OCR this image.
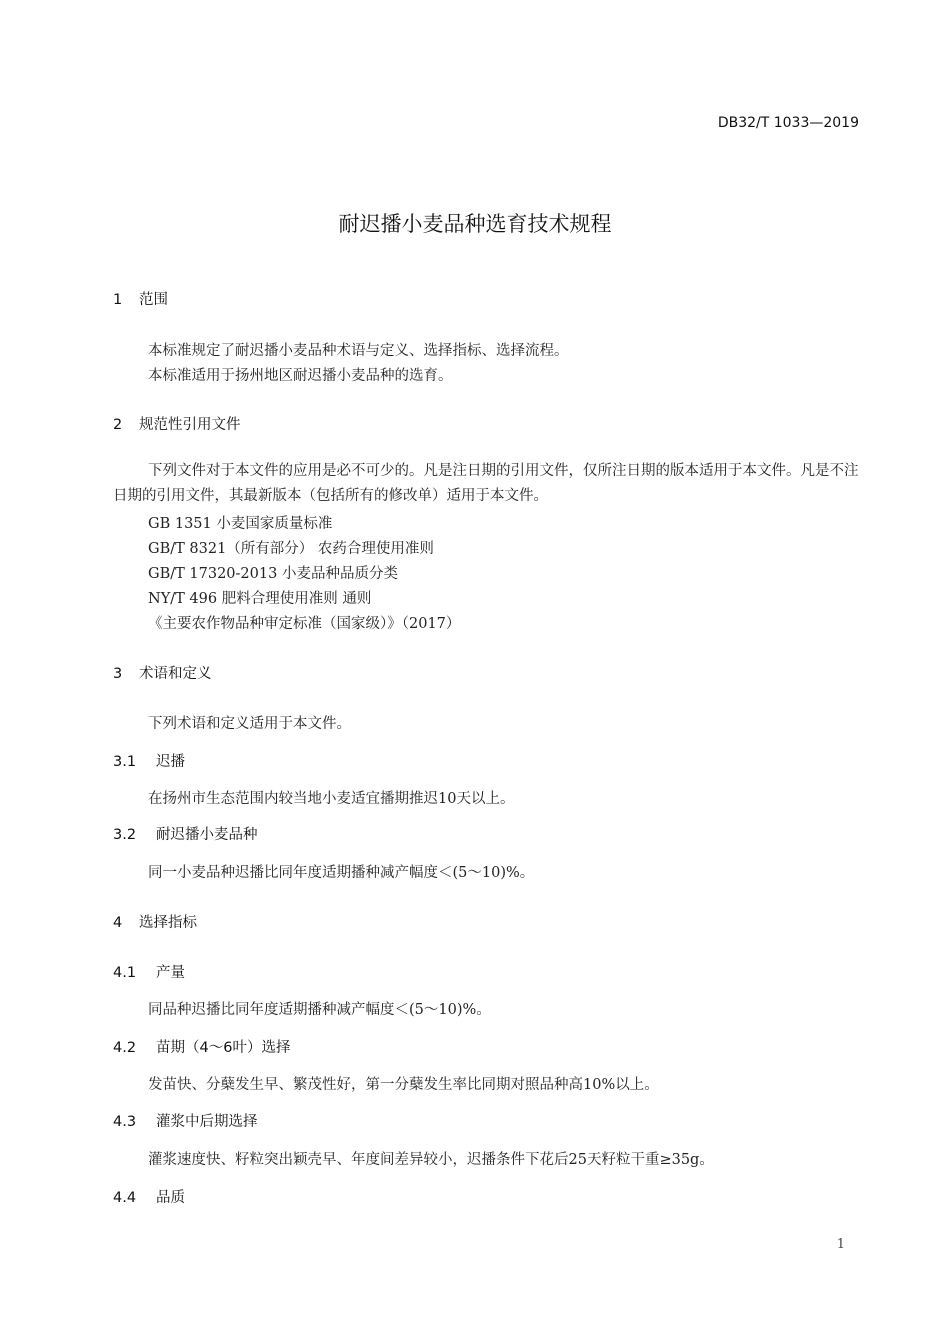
DB32/T 1033—2019
耐迟播小麦品种选育技术规程
1 范围
本标准规定了耐迟播小麦品种术语与定义、选择指标、选择流程。
本标准适用于扬州地区耐迟播小麦品种的选育。
2 规范性引用文件
下列文件对于本文件的应用是必不可少的。凡是注日期的引用文件，仅所注日期的版本适用于本文件。凡是不注日期的引用文件，其最新版本（包括所有的修改单）适用于本文件。
GB 1351 小麦国家质量标准
GB/T 8321（所有部分） 农药合理使用准则
GB/T 17320-2013 小麦品种品质分类
NY/T 496 肥料合理使用准则 通则
《主要农作物品种审定标准（国家级）》（2017）
3 术语和定义
下列术语和定义适用于本文件。
3.1 迟播
在扬州市生态范围内较当地小麦适宜播期推迟10天以上。
3.2 耐迟播小麦品种
同一小麦品种迟播比同年度适期播种减产幅度＜(5～10)%。
4 选择指标
4.1 产量
同品种迟播比同年度适期播种减产幅度＜(5～10)%。
4.2 苗期（4～6叶）选择
发苗快、分蘖发生早、繁茂性好，第一分蘖发生率比同期对照品种高10%以上。
4.3 灌浆中后期选择
灌浆速度快、籽粒突出颖壳早、年度间差异较小，迟播条件下花后25天籽粒干重≥35g。
4.4 品质
1
